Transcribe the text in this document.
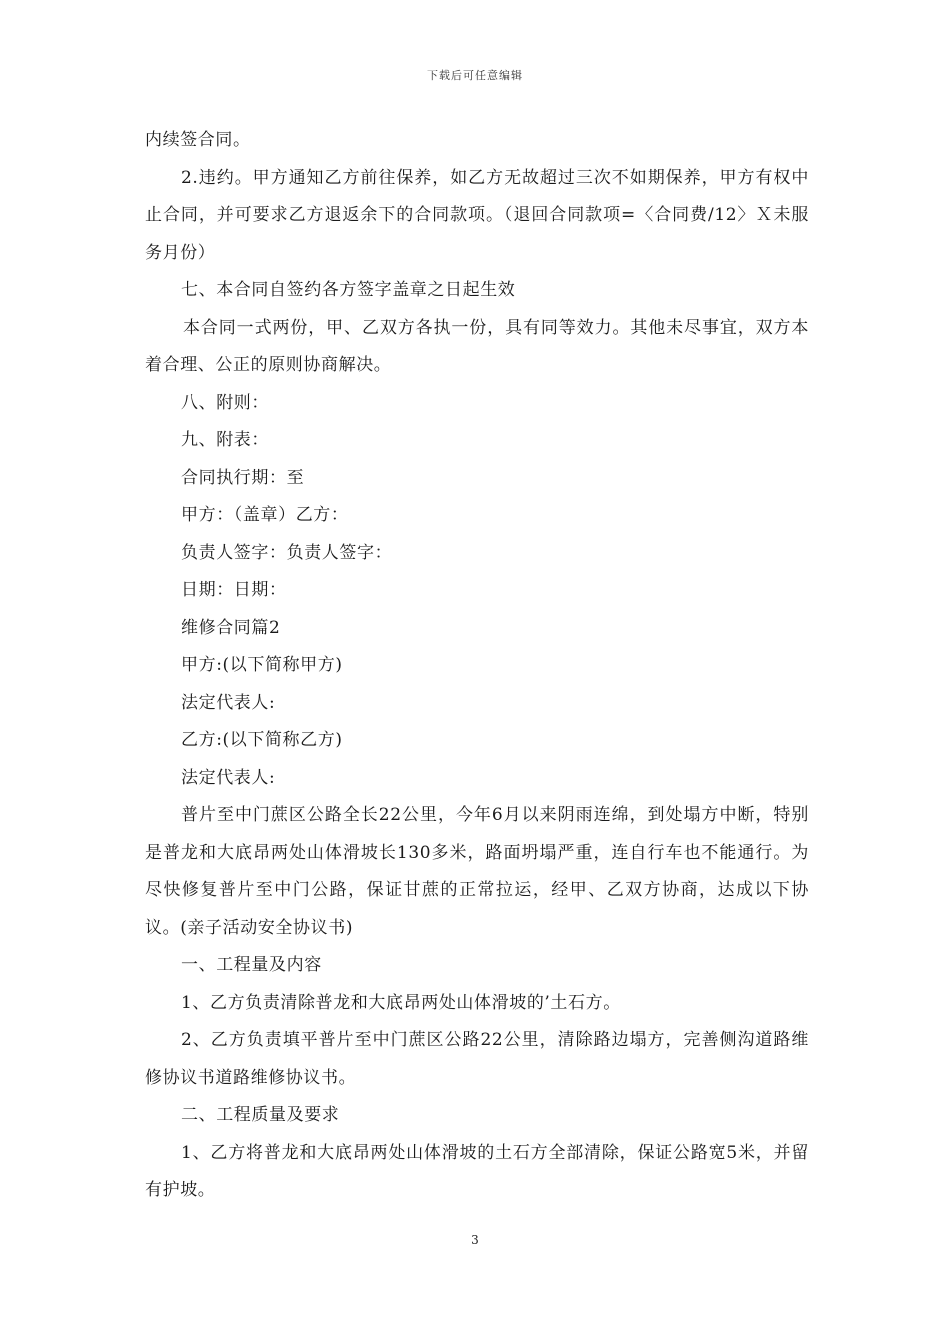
下载后可任意编辑

内续签合同。

2.违约。甲方通知乙方前往保养，如乙方无故超过三次不如期保养，甲方有权中止合同，并可要求乙方退返余下的合同款项。（退回合同款项=〈合同费/12〉Ｘ未服务月份）

七、本合同自签约各方签字盖章之日起生效

本合同一式两份，甲、乙双方各执一份，具有同等效力。其他未尽事宜，双方本着合理、公正的原则协商解决。

八、附则：

九、附表：

合同执行期：至

甲方：（盖章）乙方：

负责人签字：负责人签字：

日期：日期：

维修合同篇2

甲方:(以下简称甲方)

法定代表人:

乙方:(以下简称乙方)

法定代表人:

普片至中门蔗区公路全长22公里，今年6月以来阴雨连绵，到处塌方中断，特别是普龙和大底昂两处山体滑坡长130多米，路面坍塌严重，连自行车也不能通行。为尽快修复普片至中门公路，保证甘蔗的正常拉运，经甲、乙双方协商，达成以下协议。(亲子活动安全协议书)

一、工程量及内容

1、乙方负责清除普龙和大底昂两处山体滑坡的’土石方。

2、乙方负责填平普片至中门蔗区公路22公里，清除路边塌方，完善侧沟道路维修协议书道路维修协议书。

二、工程质量及要求

1、乙方将普龙和大底昂两处山体滑坡的土石方全部清除，保证公路宽5米，并留有护坡。

3
